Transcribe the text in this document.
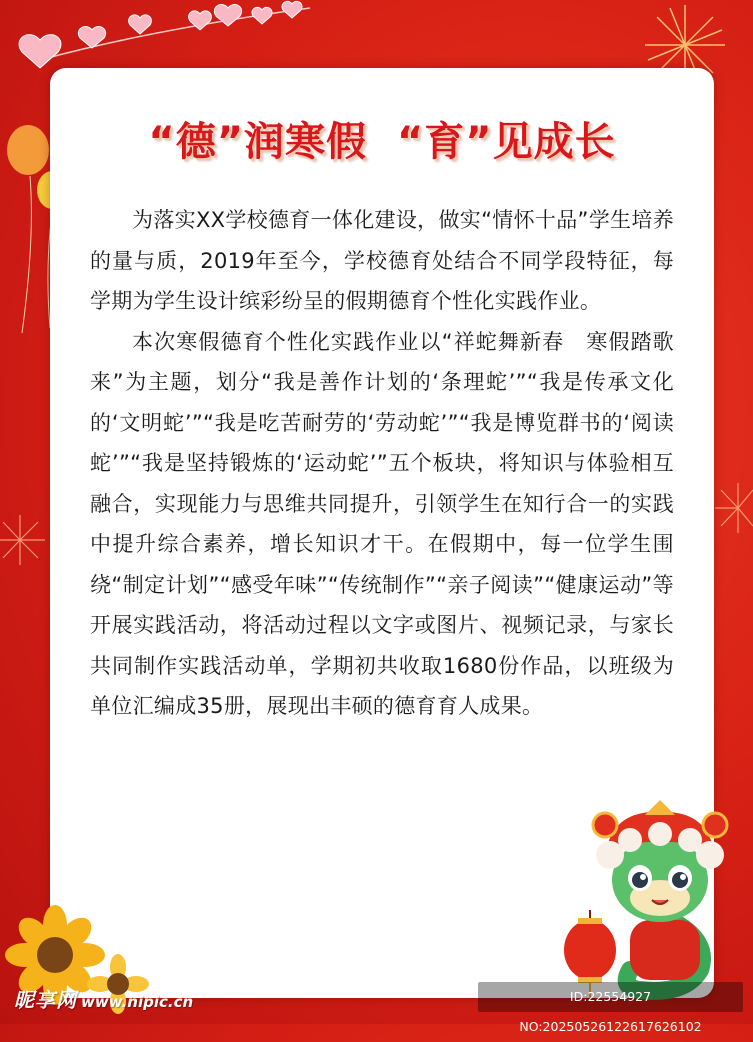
“德”润寒假 “育”见成长

为落实XX学校德育一体化建设，做实“情怀十品”学生培养的量与质，2019年至今，学校德育处结合不同学段特征，每学期为学生设计缤彩纷呈的假期德育个性化实践作业。

本次寒假德育个性化实践作业以“祥蛇舞新春　寒假踏歌来”为主题，划分“我是善作计划的‘条理蛇’”“我是传承文化的‘文明蛇’”“我是吃苦耐劳的‘劳动蛇’”“我是博览群书的‘阅读蛇’”“我是坚持锻炼的‘运动蛇’”五个板块，将知识与体验相互融合，实现能力与思维共同提升，引领学生在知行合一的实践中提升综合素养，增长知识才干。在假期中，每一位学生围绕“制定计划”“感受年味”“传统制作”“亲子阅读”“健康运动”等开展实践活动，将活动过程以文字或图片、视频记录，与家长共同制作实践活动单，学期初共收取1680份作品，以班级为单位汇编成35册，展现出丰硕的德育育人成果。

昵享网 www.nipic.cn	ID:22554927 NO:20250526122617626102
